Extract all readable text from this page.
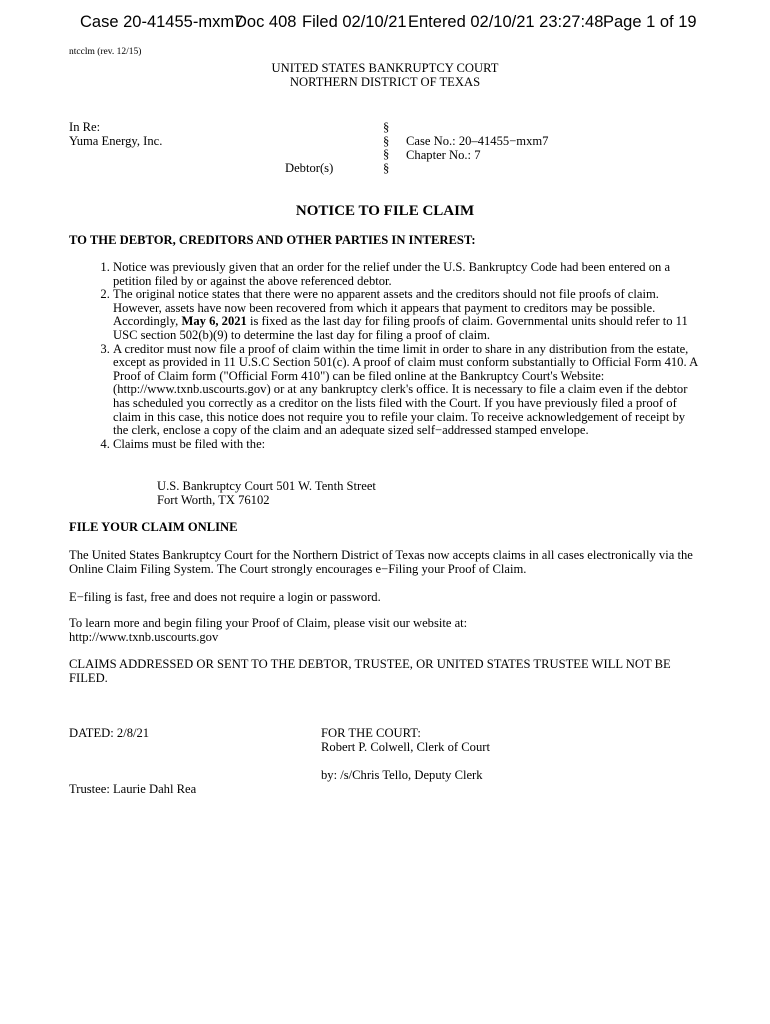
Case 20-41455-mxm7
Doc 408 Filed 02/10/21 Entered 02/10/21 23:27:48 Page 1 of 19
ntcclm (rev. 12/15)
UNITED STATES BANKRUPTCY COURT
NORTHERN DISTRICT OF TEXAS
In Re:
Yuma Energy, Inc.
Debtor(s)
§
§
§
§
Case No.: 20–41455−mxm7
Chapter No.: 7
NOTICE TO FILE CLAIM
TO THE DEBTOR, CREDITORS AND OTHER PARTIES IN INTEREST:
1. Notice was previously given that an order for the relief under the U.S. Bankruptcy Code had been entered on a petition filed by or against the above referenced debtor.
2. The original notice states that there were no apparent assets and the creditors should not file proofs of claim. However, assets have now been recovered from which it appears that payment to creditors may be possible. Accordingly, May 6, 2021 is fixed as the last day for filing proofs of claim. Governmental units should refer to 11 USC section 502(b)(9) to determine the last day for filing a proof of claim.
3. A creditor must now file a proof of claim within the time limit in order to share in any distribution from the estate, except as provided in 11 U.S.C Section 501(c). A proof of claim must conform substantially to Official Form 410. A Proof of Claim form ("Official Form 410") can be filed online at the Bankruptcy Court's Website: (http://www.txnb.uscourts.gov) or at any bankruptcy clerk's office. It is necessary to file a claim even if the debtor has scheduled you correctly as a creditor on the lists filed with the Court. If you have previously filed a proof of claim in this case, this notice does not require you to refile your claim. To receive acknowledgement of receipt by the clerk, enclose a copy of the claim and an adequate sized self−addressed stamped envelope.
4. Claims must be filed with the:
U.S. Bankruptcy Court 501 W. Tenth Street
Fort Worth, TX 76102
FILE YOUR CLAIM ONLINE
The United States Bankruptcy Court for the Northern District of Texas now accepts claims in all cases electronically via the Online Claim Filing System. The Court strongly encourages e−Filing your Proof of Claim.
E−filing is fast, free and does not require a login or password.
To learn more and begin filing your Proof of Claim, please visit our website at:
http://www.txnb.uscourts.gov
CLAIMS ADDRESSED OR SENT TO THE DEBTOR, TRUSTEE, OR UNITED STATES TRUSTEE WILL NOT BE FILED.
DATED: 2/8/21	FOR THE COURT:
Robert P. Colwell, Clerk of Court
by: /s/Chris Tello, Deputy Clerk
Trustee: Laurie Dahl Rea
